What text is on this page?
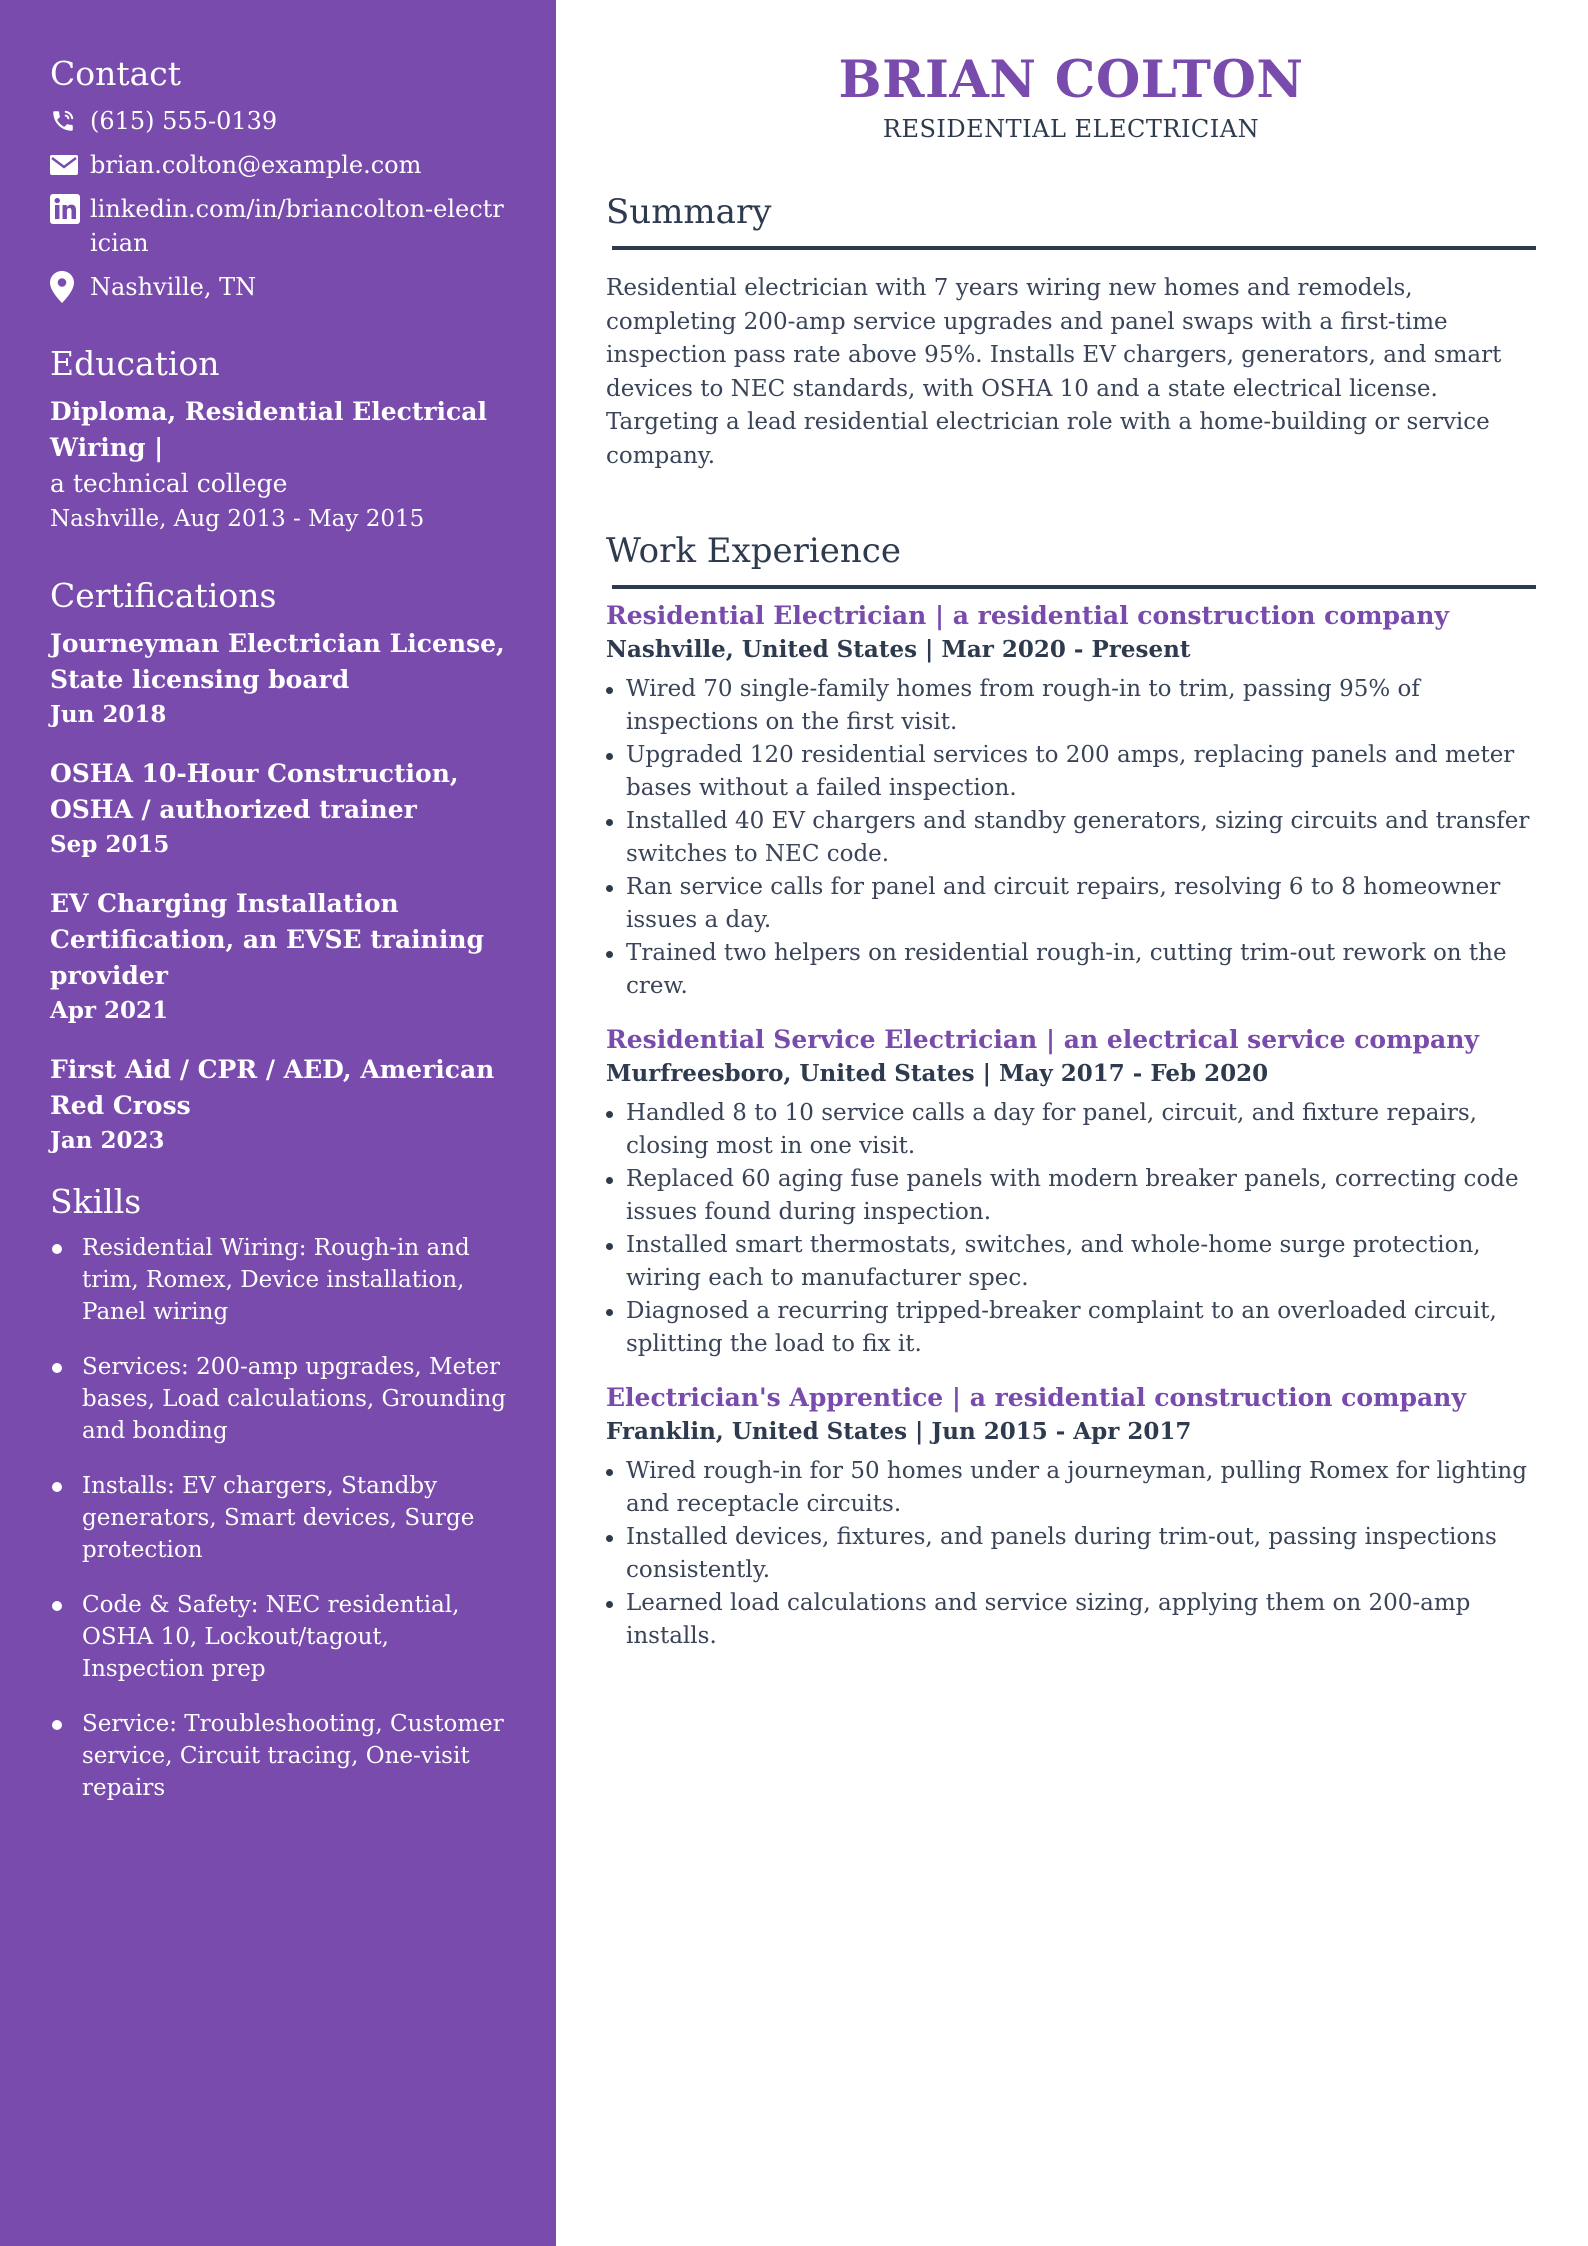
Contact
(615) 555-0139
brian.colton@example.com
linkedin.com/in/briancolton-electrician
Nashville, TN
Education
Diploma, Residential Electrical Wiring |
a technical college
Nashville, Aug 2013 - May 2015
Certifications
Journeyman Electrician License, State licensing board
Jun 2018
OSHA 10-Hour Construction, OSHA / authorized trainer
Sep 2015
EV Charging Installation Certification, an EVSE training provider
Apr 2021
First Aid / CPR / AED, American Red Cross
Jan 2023
Skills
Residential Wiring: Rough-in and trim, Romex, Device installation, Panel wiring
Services: 200-amp upgrades, Meter bases, Load calculations, Grounding and bonding
Installs: EV chargers, Standby generators, Smart devices, Surge protection
Code & Safety: NEC residential, OSHA 10, Lockout/tagout, Inspection prep
Service: Troubleshooting, Customer service, Circuit tracing, One-visit repairs
BRIAN COLTON
RESIDENTIAL ELECTRICIAN
Summary

Residential electrician with 7 years wiring new homes and remodels, completing 200-amp service upgrades and panel swaps with a first-time inspection pass rate above 95%. Installs EV chargers, generators, and smart devices to NEC standards, with OSHA 10 and a state electrical license. Targeting a lead residential electrician role with a home-building or service company.

Work Experience
Residential Electrician | a residential construction company
Nashville, United States | Mar 2020 - Present
Wired 70 single-family homes from rough-in to trim, passing 95% of inspections on the first visit.
Upgraded 120 residential services to 200 amps, replacing panels and meter bases without a failed inspection.
Installed 40 EV chargers and standby generators, sizing circuits and transfer switches to NEC code.
Ran service calls for panel and circuit repairs, resolving 6 to 8 homeowner issues a day.
Trained two helpers on residential rough-in, cutting trim-out rework on the crew.
Residential Service Electrician | an electrical service company
Murfreesboro, United States | May 2017 - Feb 2020
Handled 8 to 10 service calls a day for panel, circuit, and fixture repairs, closing most in one visit.
Replaced 60 aging fuse panels with modern breaker panels, correcting code issues found during inspection.
Installed smart thermostats, switches, and whole-home surge protection, wiring each to manufacturer spec.
Diagnosed a recurring tripped-breaker complaint to an overloaded circuit, splitting the load to fix it.
Electrician's Apprentice | a residential construction company
Franklin, United States | Jun 2015 - Apr 2017
Wired rough-in for 50 homes under a journeyman, pulling Romex for lighting and receptacle circuits.
Installed devices, fixtures, and panels during trim-out, passing inspections consistently.
Learned load calculations and service sizing, applying them on 200-amp installs.
